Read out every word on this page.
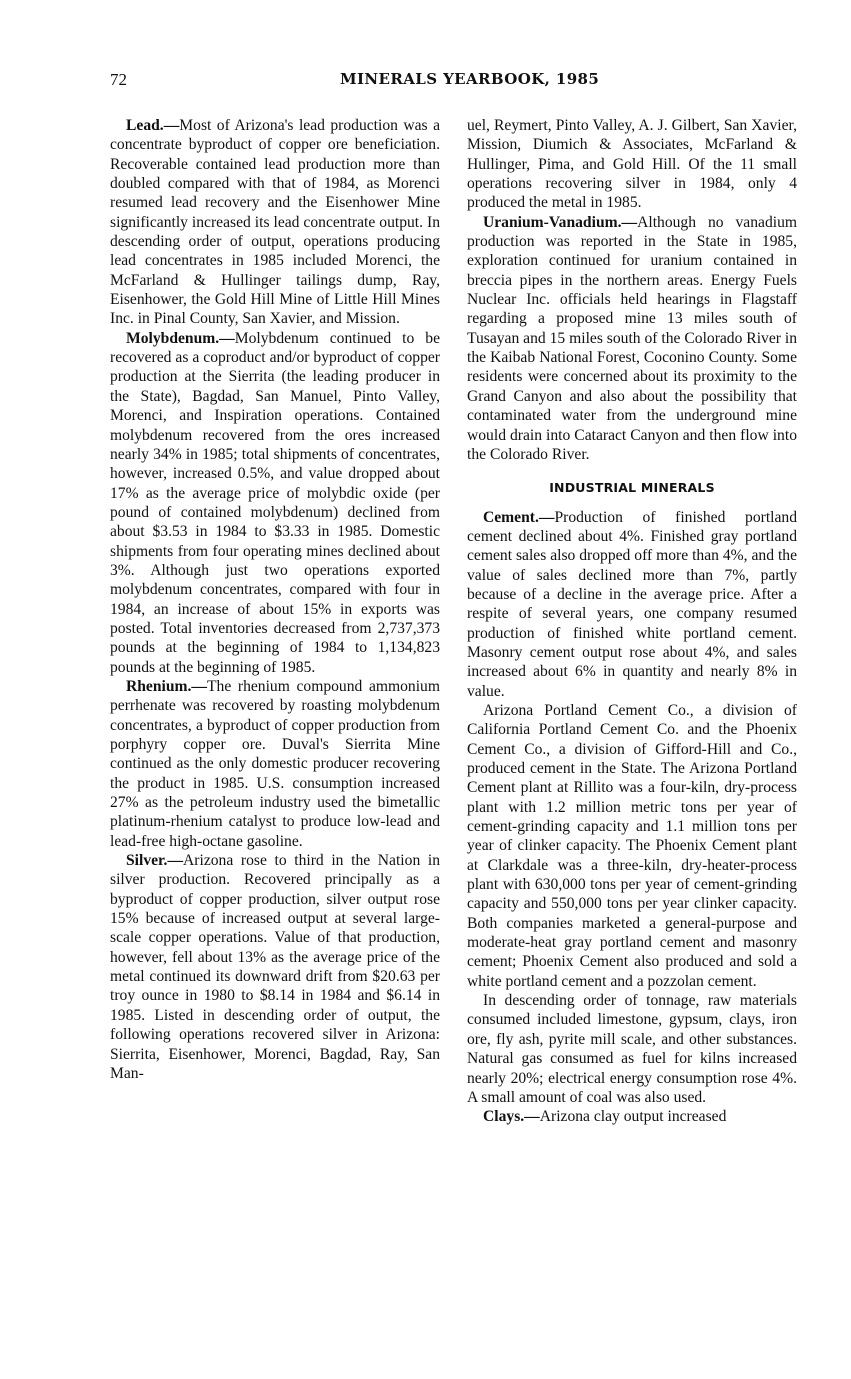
72	MINERALS YEARBOOK, 1985

Lead.—Most of Arizona's lead production was a concentrate byproduct of copper ore beneficiation. Recoverable contained lead production more than doubled compared with that of 1984, as Morenci resumed lead recovery and the Eisenhower Mine significantly increased its lead concentrate output. In descending order of output, operations producing lead concentrates in 1985 included Morenci, the McFarland & Hullinger tailings dump, Ray, Eisenhower, the Gold Hill Mine of Little Hill Mines Inc. in Pinal County, San Xavier, and Mission.

Molybdenum.—Molybdenum continued to be recovered as a coproduct and/or byproduct of copper production at the Sierrita (the leading producer in the State), Bagdad, San Manuel, Pinto Valley, Morenci, and Inspiration operations. Contained molybdenum recovered from the ores increased nearly 34% in 1985; total shipments of concentrates, however, increased 0.5%, and value dropped about 17% as the average price of molybdic oxide (per pound of contained molybdenum) declined from about $3.53 in 1984 to $3.33 in 1985. Domestic shipments from four operating mines declined about 3%. Although just two operations exported molybdenum concentrates, compared with four in 1984, an increase of about 15% in exports was posted. Total inventories decreased from 2,737,373 pounds at the beginning of 1984 to 1,134,823 pounds at the beginning of 1985.

Rhenium.—The rhenium compound ammonium perrhenate was recovered by roasting molybdenum concentrates, a byproduct of copper production from porphyry copper ore. Duval's Sierrita Mine continued as the only domestic producer recovering the product in 1985. U.S. consumption increased 27% as the petroleum industry used the bimetallic platinum-rhenium catalyst to produce low-lead and lead-free high-octane gasoline.

Silver.—Arizona rose to third in the Nation in silver production. Recovered principally as a byproduct of copper production, silver output rose 15% because of increased output at several large-scale copper operations. Value of that production, however, fell about 13% as the average price of the metal continued its downward drift from $20.63 per troy ounce in 1980 to $8.14 in 1984 and $6.14 in 1985. Listed in descending order of output, the following operations recovered silver in Arizona: Sierrita, Eisenhower, Morenci, Bagdad, Ray, San Man-

uel, Reymert, Pinto Valley, A. J. Gilbert, San Xavier, Mission, Diumich & Associates, McFarland & Hullinger, Pima, and Gold Hill. Of the 11 small operations recovering silver in 1984, only 4 produced the metal in 1985.

Uranium-Vanadium.—Although no vanadium production was reported in the State in 1985, exploration continued for uranium contained in breccia pipes in the northern areas. Energy Fuels Nuclear Inc. officials held hearings in Flagstaff regarding a proposed mine 13 miles south of Tusayan and 15 miles south of the Colorado River in the Kaibab National Forest, Coconino County. Some residents were concerned about its proximity to the Grand Canyon and also about the possibility that contaminated water from the underground mine would drain into Cataract Canyon and then flow into the Colorado River.

INDUSTRIAL MINERALS

Cement.—Production of finished portland cement declined about 4%. Finished gray portland cement sales also dropped off more than 4%, and the value of sales declined more than 7%, partly because of a decline in the average price. After a respite of several years, one company resumed production of finished white portland cement. Masonry cement output rose about 4%, and sales increased about 6% in quantity and nearly 8% in value.

Arizona Portland Cement Co., a division of California Portland Cement Co. and the Phoenix Cement Co., a division of Gifford-Hill and Co., produced cement in the State. The Arizona Portland Cement plant at Rillito was a four-kiln, dry-process plant with 1.2 million metric tons per year of cement-grinding capacity and 1.1 million tons per year of clinker capacity. The Phoenix Cement plant at Clarkdale was a three-kiln, dry-heater-process plant with 630,000 tons per year of cement-grinding capacity and 550,000 tons per year clinker capacity. Both companies marketed a general-purpose and moderate-heat gray portland cement and masonry cement; Phoenix Cement also produced and sold a white portland cement and a pozzolan cement.

In descending order of tonnage, raw materials consumed included limestone, gypsum, clays, iron ore, fly ash, pyrite mill scale, and other substances. Natural gas consumed as fuel for kilns increased nearly 20%; electrical energy consumption rose 4%. A small amount of coal was also used.

Clays.—Arizona clay output increased
